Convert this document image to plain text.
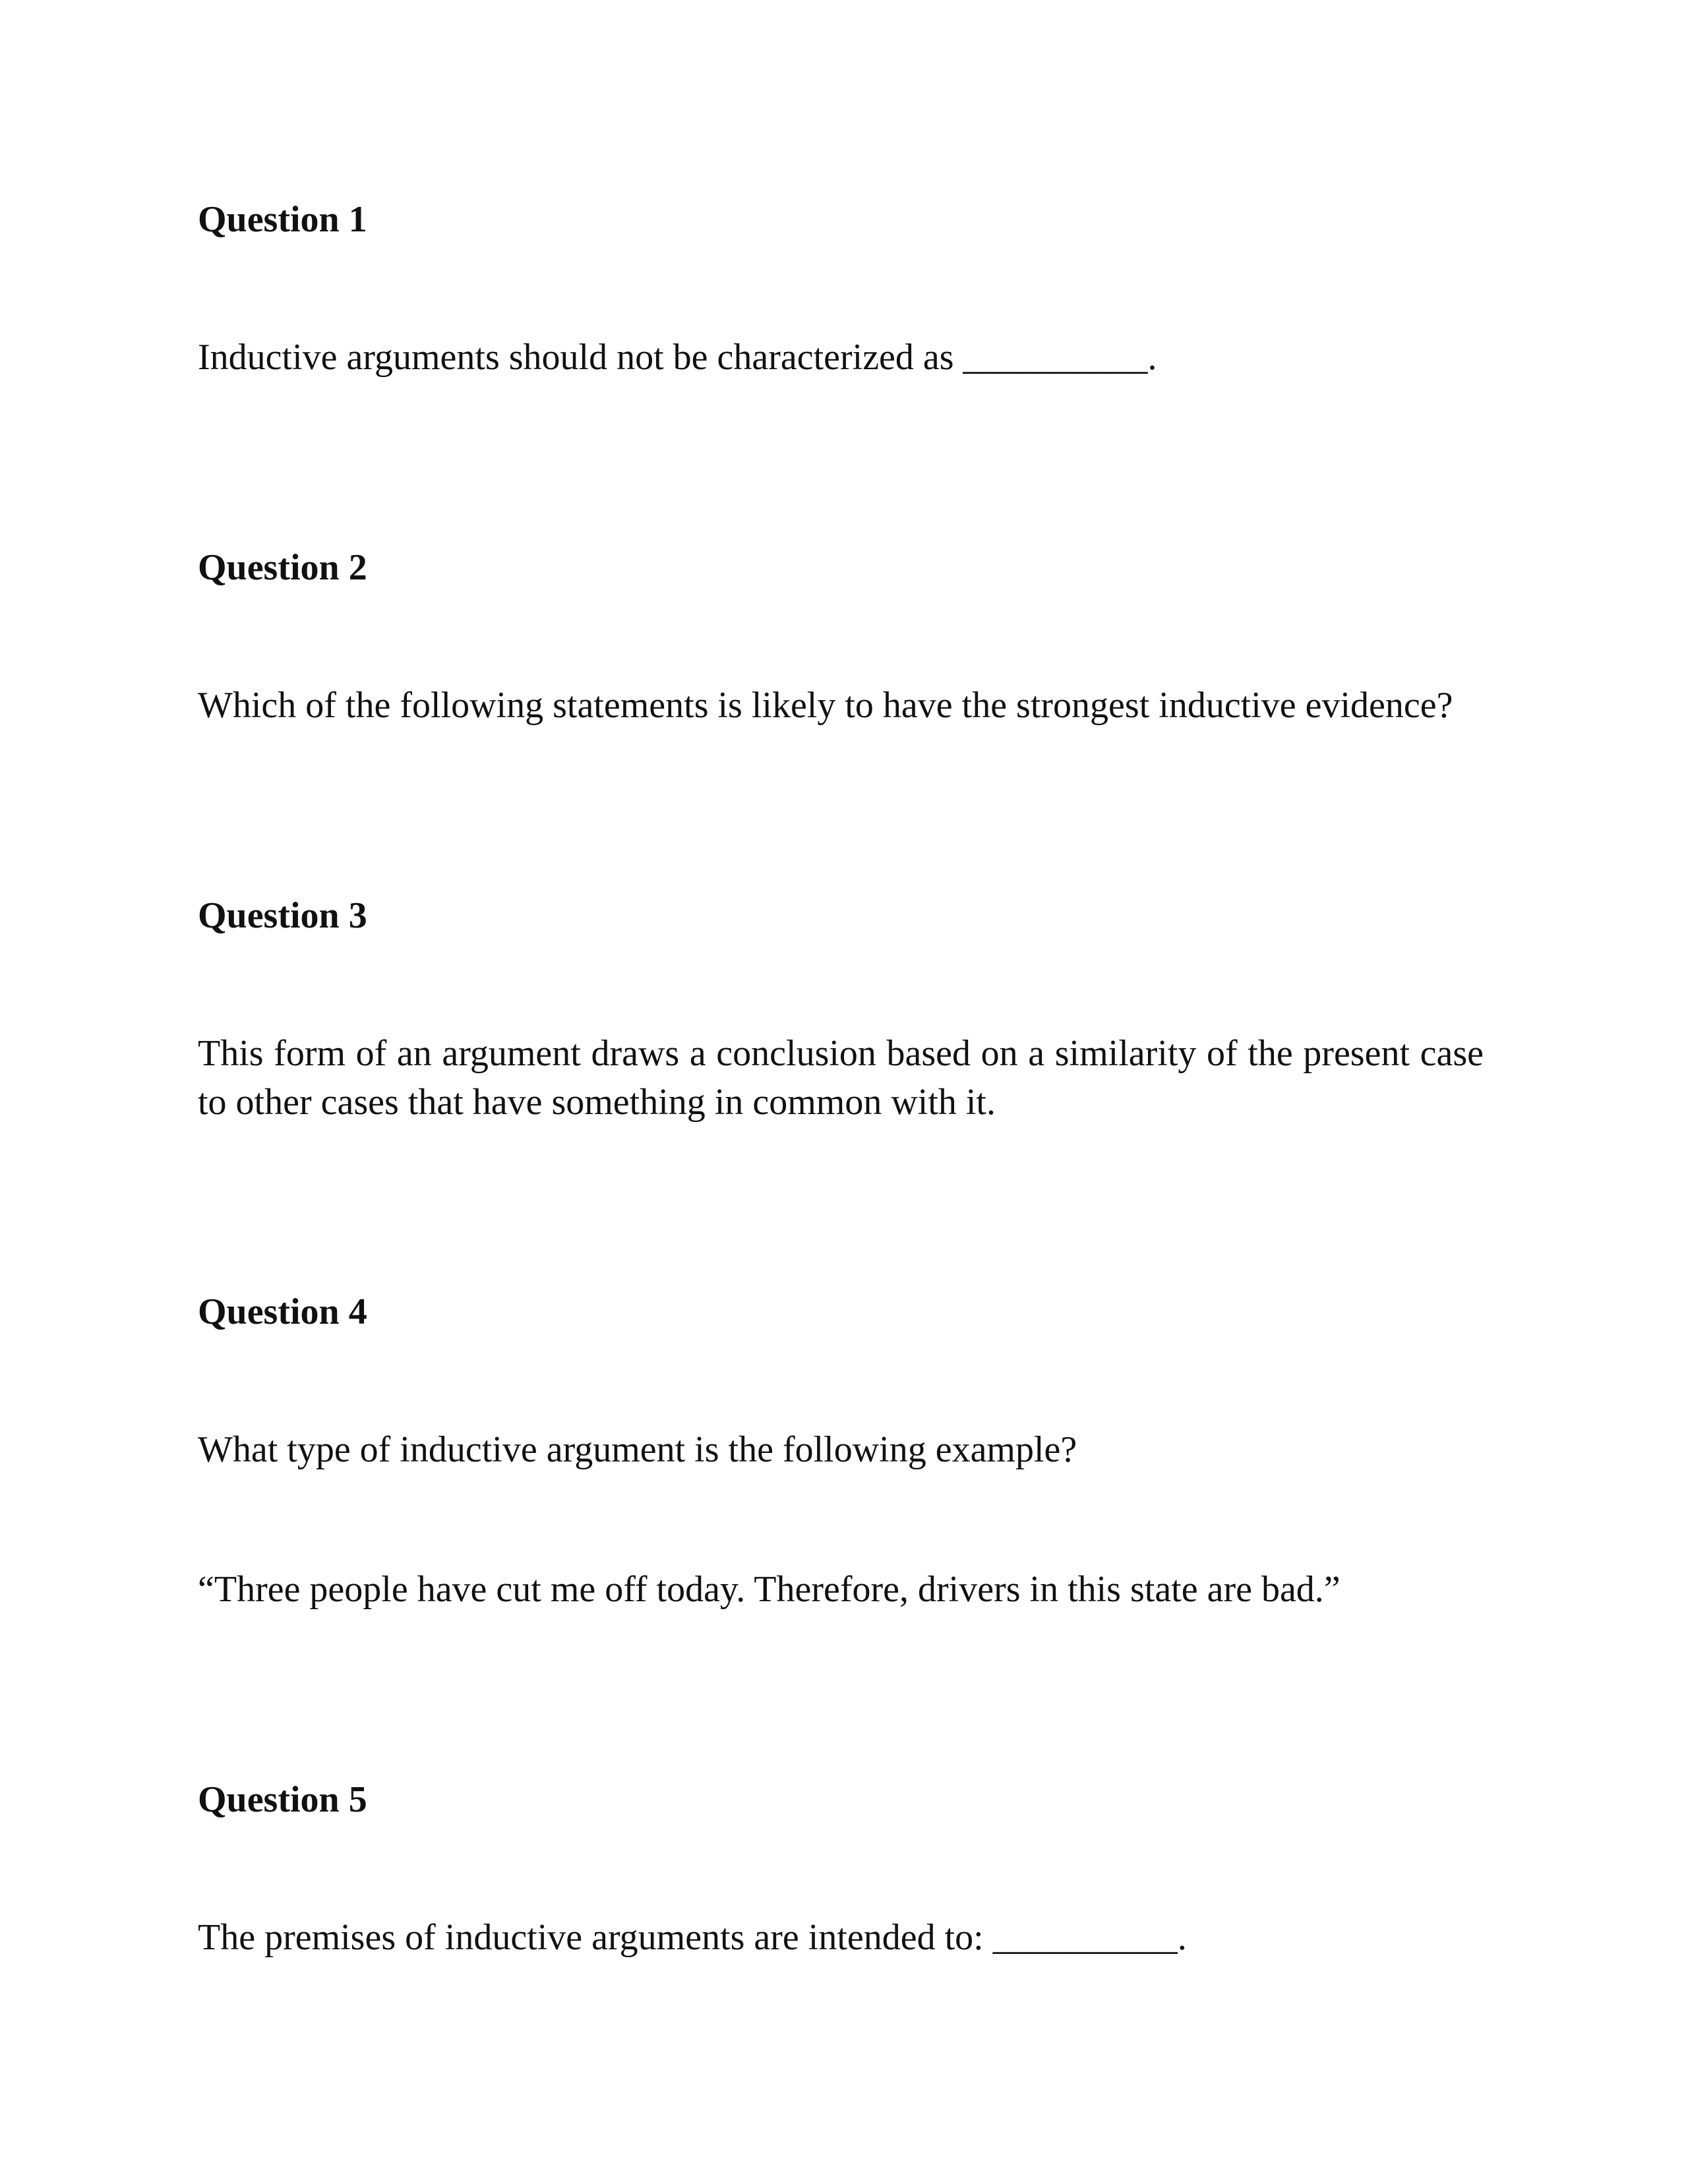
Question 1

Inductive arguments should not be characterized as __________.

Question 2

Which of the following statements is likely to have the strongest inductive evidence?

Question 3

This form of an argument draws a conclusion based on a similarity of the present case to other cases that have something in common with it.

Question 4

What type of inductive argument is the following example?

“Three people have cut me off today. Therefore, drivers in this state are bad.”

Question 5

The premises of inductive arguments are intended to: __________.
